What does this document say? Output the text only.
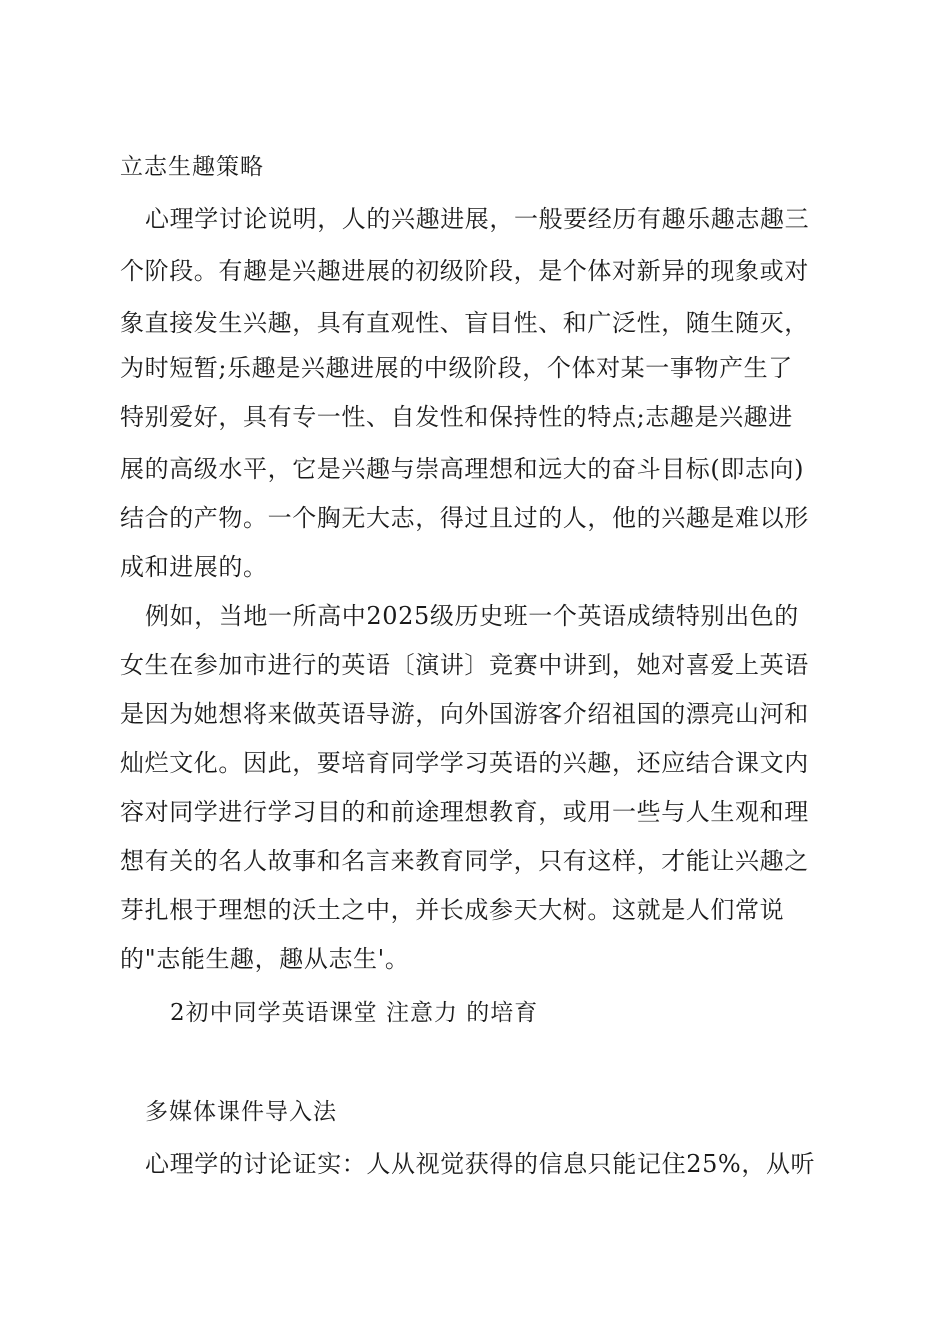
立志生趣策略
心理学讨论说明，人的兴趣进展，一般要经历有趣乐趣志趣三
个阶段。有趣是兴趣进展的初级阶段，是个体对新异的现象或对
象直接发生兴趣，具有直观性、盲目性、和广泛性，随生随灭，
为时短暂;乐趣是兴趣进展的中级阶段，个体对某一事物产生了
特别爱好，具有专一性、自发性和保持性的特点;志趣是兴趣进
展的高级水平，它是兴趣与崇高理想和远大的奋斗目标(即志向)
结合的产物。一个胸无大志，得过且过的人，他的兴趣是难以形
成和进展的。
例如，当地一所高中2025级历史班一个英语成绩特别出色的
女生在参加市进行的英语〔演讲〕竞赛中讲到，她对喜爱上英语
是因为她想将来做英语导游，向外国游客介绍祖国的漂亮山河和
灿烂文化。因此，要培育同学学习英语的兴趣，还应结合课文内
容对同学进行学习目的和前途理想教育，或用一些与人生观和理
想有关的名人故事和名言来教育同学，只有这样，才能让兴趣之
芽扎根于理想的沃土之中，并长成参天大树。这就是人们常说
的"志能生趣，趣从志生'。
2初中同学英语课堂 注意力 的培育
多媒体课件导入法
心理学的讨论证实：人从视觉获得的信息只能记住25%，从听
